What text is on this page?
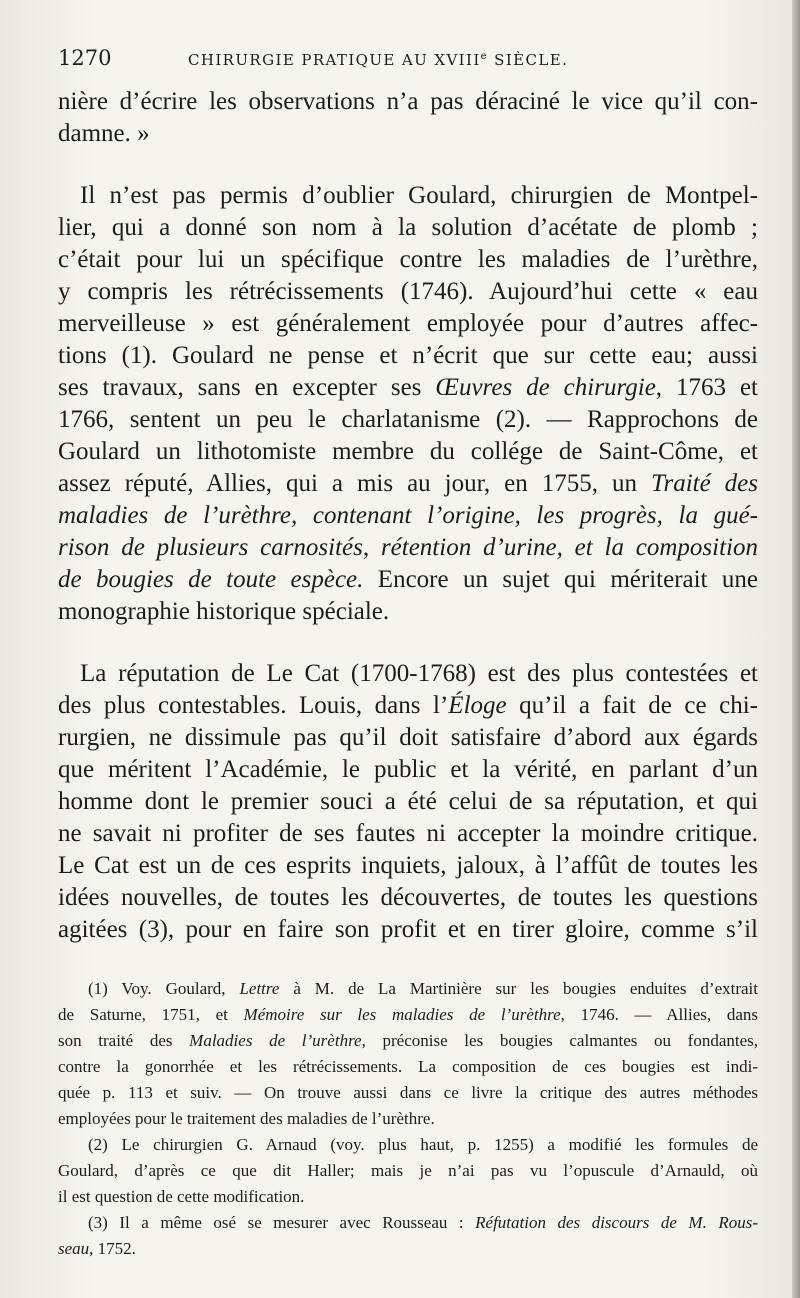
1270	CHIRURGIE PRATIQUE AU XVIIIe SIÈCLE.
nière d’écrire les observations n’a pas déraciné le vice qu’il con-
damne. »
Il n’est pas permis d’oublier Goulard, chirurgien de Montpel-
lier, qui a donné son nom à la solution d’acétate de plomb ;
c’était pour lui un spécifique contre les maladies de l’urèthre,
y compris les rétrécissements (1746). Aujourd’hui cette « eau
merveilleuse » est généralement employée pour d’autres affec-
tions (1). Goulard ne pense et n’écrit que sur cette eau; aussi
ses travaux, sans en excepter ses Œuvres de chirurgie, 1763 et
1766, sentent un peu le charlatanisme (2). — Rapprochons de
Goulard un lithotomiste membre du collége de Saint-Côme, et
assez réputé, Allies, qui a mis au jour, en 1755, un Traité des
maladies de l’urèthre, contenant l’origine, les progrès, la gué-
rison de plusieurs carnosités, rétention d’urine, et la composition
de bougies de toute espèce. Encore un sujet qui mériterait une
monographie historique spéciale.
La réputation de Le Cat (1700-1768) est des plus contestées et
des plus contestables. Louis, dans l’Éloge qu’il a fait de ce chi-
rurgien, ne dissimule pas qu’il doit satisfaire d’abord aux égards
que méritent l’Académie, le public et la vérité, en parlant d’un
homme dont le premier souci a été celui de sa réputation, et qui
ne savait ni profiter de ses fautes ni accepter la moindre critique.
Le Cat est un de ces esprits inquiets, jaloux, à l’affût de toutes les
idées nouvelles, de toutes les découvertes, de toutes les questions
agitées (3), pour en faire son profit et en tirer gloire, comme s’il
(1) Voy. Goulard, Lettre à M. de La Martinière sur les bougies enduites d’extrait
de Saturne, 1751, et Mémoire sur les maladies de l’urèthre, 1746. — Allies, dans
son traité des Maladies de l’urèthre, préconise les bougies calmantes ou fondantes,
contre la gonorrhée et les rétrécissements. La composition de ces bougies est indi-
quée p. 113 et suiv. — On trouve aussi dans ce livre la critique des autres méthodes
employées pour le traitement des maladies de l’urèthre.
(2) Le chirurgien G. Arnaud (voy. plus haut, p. 1255) a modifié les formules de
Goulard, d’après ce que dit Haller; mais je n’ai pas vu l’opuscule d’Arnauld, où
il est question de cette modification.
(3) Il a même osé se mesurer avec Rousseau : Réfutation des discours de M. Rous-
seau, 1752.
